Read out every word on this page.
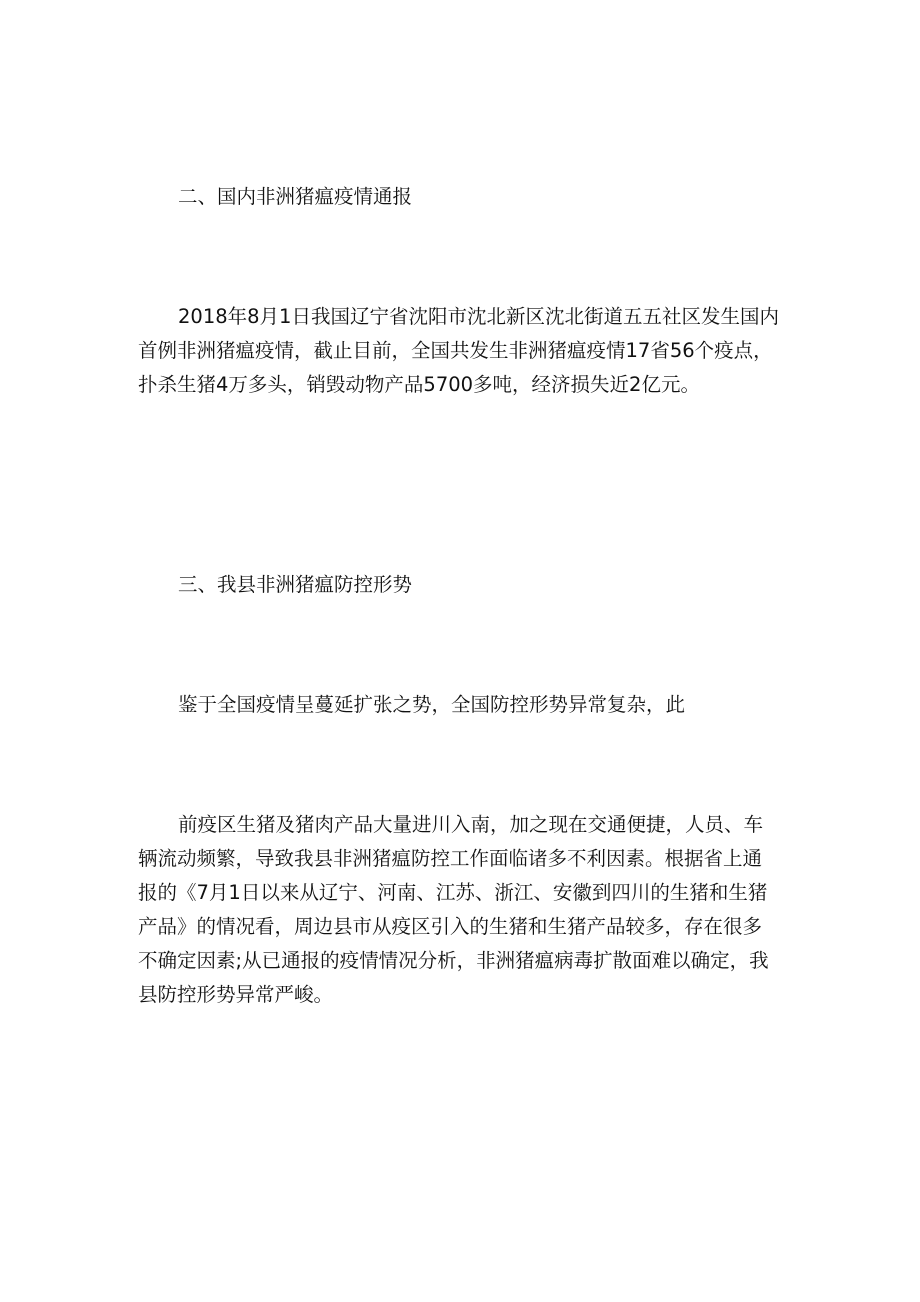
二、国内非洲猪瘟疫情通报

2018年8月1日我国辽宁省沈阳市沈北新区沈北街道五五社区发生国内首例非洲猪瘟疫情，截止目前，全国共发生非洲猪瘟疫情17省56个疫点，扑杀生猪4万多头，销毁动物产品5700多吨，经济损失近2亿元。

三、我县非洲猪瘟防控形势

鉴于全国疫情呈蔓延扩张之势，全国防控形势异常复杂，此

前疫区生猪及猪肉产品大量进川入南，加之现在交通便捷，人员、车辆流动频繁，导致我县非洲猪瘟防控工作面临诸多不利因素。根据省上通报的《7月1日以来从辽宁、河南、江苏、浙江、安徽到四川的生猪和生猪产品》的情况看，周边县市从疫区引入的生猪和生猪产品较多，存在很多不确定因素;从已通报的疫情情况分析，非洲猪瘟病毒扩散面难以确定，我县防控形势异常严峻。
